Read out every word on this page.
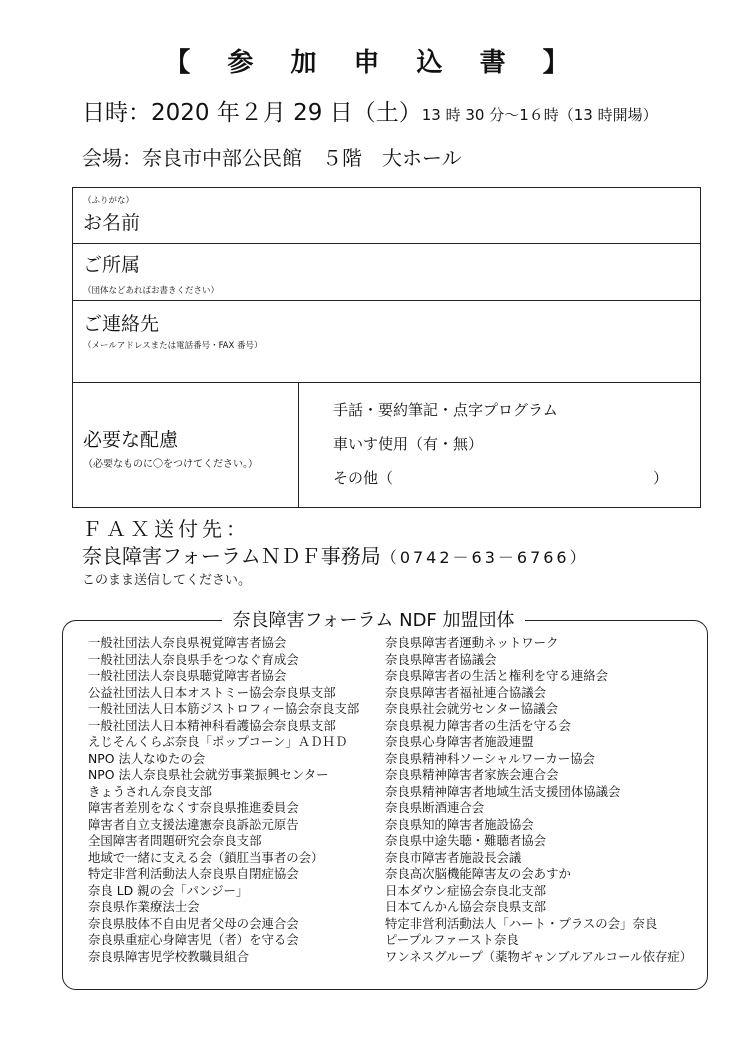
【 参 加 申 込 書 】
日時：2020 年２月 29 日（土）13 時 30 分〜1６時（13 時開場）
会場：奈良市中部公民館　５階　大ホール
（ふりがな）
お名前
ご所属
（団体などあればお書きください）
ご連絡先
（メールアドレスまたは電話番号・FAX 番号）
必要な配慮
（必要なものに〇をつけてください。）
手話・要約筆記・点字プログラム
車いす使用（有・無）
その他（	）
ＦＡＸ送付先：
奈良障害フォーラムＮＤＦ事務局（0742－63－6766）
このまま送信してください。
奈良障害フォーラム NDF 加盟団体
一般社団法人奈良県視覚障害者協会
一般社団法人奈良県手をつなぐ育成会
一般社団法人奈良県聴覚障害者協会
公益社団法人日本オストミー協会奈良県支部
一般社団法人日本筋ジストロフィー協会奈良支部
一般社団法人日本精神科看護協会奈良県支部
えじそんくらぶ奈良「ポップコーン」ＡＤＨＤ
NPO 法人なゆたの会
NPO 法人奈良県社会就労事業振興センター
きょうされん奈良支部
障害者差別をなくす奈良県推進委員会
障害者自立支援法違憲奈良訴訟元原告
全国障害者問題研究会奈良支部
地域で一緒に支える会（鎖肛当事者の会）
特定非営利活動法人奈良県自閉症協会
奈良 LD 親の会「パンジー」
奈良県作業療法士会
奈良県肢体不自由児者父母の会連合会
奈良県重症心身障害児（者）を守る会
奈良県障害児学校教職員組合
奈良県障害者運動ネットワーク
奈良県障害者協議会
奈良県障害者の生活と権利を守る連絡会
奈良県障害者福祉連合協議会
奈良県社会就労センター協議会
奈良県視力障害者の生活を守る会
奈良県心身障害者施設連盟
奈良県精神科ソーシャルワーカー協会
奈良県精神障害者家族会連合会
奈良県精神障害者地域生活支援団体協議会
奈良県断酒連合会
奈良県知的障害者施設協会
奈良県中途失聴・難聴者協会
奈良市障害者施設長会議
奈良高次脳機能障害友の会あすか
日本ダウン症協会奈良北支部
日本てんかん協会奈良県支部
特定非営利活動法人「ハート・プラスの会」奈良
ピープルファースト奈良
ワンネスグループ（薬物ギャンブルアルコール依存症）
